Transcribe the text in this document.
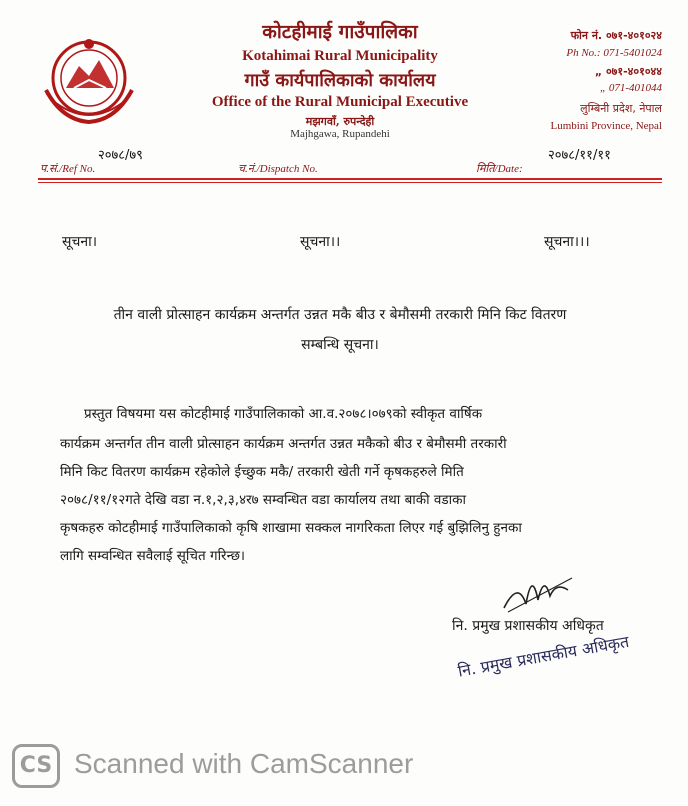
कोटहीमाई गाउँपालिका
Kotahimai Rural Municipality
गाउँ कार्यपालिकाको कार्यालय
Office of the Rural Municipal Executive
मझगवाँ, रुपन्देही
Majhgawa, Rupandehi
फोन नं. ०७१-४०१०२४
Ph No.: 071-5401024
„ ०७१-४०१०४४
„ 071-401044
लुम्बिनी प्रदेश, नेपाल
Lumbini Province, Nepal
२०७८/७९
प.सं./Ref No.	च.नं./Dispatch No.
२०७८/११/११
मिति/Date:
सूचना।	सूचना।।	सूचना।।।
तीन वाली प्रोत्साहन कार्यक्रम अन्तर्गत उन्नत मकै बीउ र बेमौसमी तरकारी मिनि किट वितरण
सम्बन्धि सूचना।
प्रस्तुत विषयमा यस कोटहीमाई गाउँपालिकाको आ.व.२०७८।०७९को स्वीकृत वार्षिक
कार्यक्रम अन्तर्गत तीन वाली प्रोत्साहन कार्यक्रम अन्तर्गत उन्नत मकैको बीउ र बेमौसमी तरकारी
मिनि किट वितरण कार्यक्रम रहेकोले ईच्छुक मकै/ तरकारी खेती गर्ने कृषकहरुले मिति
२०७८/११/१२गते देखि वडा न.१,२,३,४र७ सम्वन्धित वडा कार्यालय तथा बाकी वडाका
कृषकहरु कोटहीमाई गाउँपालिकाको कृषि शाखामा सक्कल नागरिकता लिएर गई बुझिलिनु हुनका
लागि सम्वन्धित सवैलाई सूचित गरिन्छ।
नि. प्रमुख प्रशासकीय अधिकृत
नि. प्रमुख प्रशासकीय अधिकृत
CS Scanned with CamScanner
